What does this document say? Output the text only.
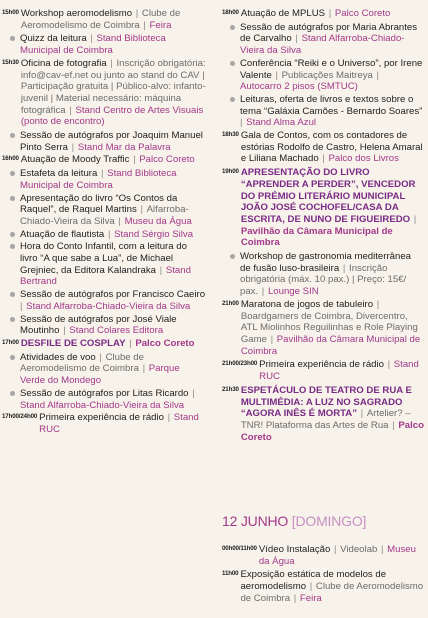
15h00 Workshop aeromodelismo | Clube de Aeromodelismo de Coimbra | Feira
Quizz da leitura | Stand Biblioteca Municipal de Coimbra
15h30 Oficina de fotografia | Inscrição obrigatória: info@cav-ef.net ou junto ao stand do CAV | Participação gratuita | Público-alvo: infanto-juvenil | Material necessário: máquina fotográfica | Stand Centro de Artes Visuais (ponto de encontro)
Sessão de autógrafos por Joaquim Manuel Pinto Serra | Stand Mar da Palavra
16h00 Atuação de Moody Traffic | Palco Coreto
Estafeta da leitura | Stand Biblioteca Municipal de Coimbra
Apresentação do livro “Os Contos da Raquel”, de Raquel Martins | Alfarroba-Chiado-Vieira da Silva | Museu da Água
Atuação de flautista | Stand Sérgio Silva
Hora do Conto Infantil, com a leitura do livro “A que sabe a Lua”, de Michael Grejniec, da Editora Kalandraka | Stand Bertrand
Sessão de autógrafos por Francisco Caeiro | Stand Alfarroba-Chiado-Vieira da Silva
Sessão de autógrafos por José Viale Moutinho | Stand Colares Editora
17h00 DESFILE DE COSPLAY | Palco Coreto
Atividades de voo | Clube de Aeromodelismo de Coimbra | Parque Verde do Mondego
Sessão de autógrafos por Litas Ricardo | Stand Alfarroba-Chiado-Vieira da Silva
17h00/24h00 Primeira experiência de rádio | Stand RUC
18h00 Atuação de MPLUS | Palco Coreto
Sessão de autógrafos por Maria Abrantes de Carvalho | Stand Alfarroba-Chiado-Vieira da Silva
Conferência “Reiki e o Universo”, por Irene Valente | Publicações Maitreya | Autocarro 2 pisos (SMTUC)
Leituras, oferta de livros e textos sobre o tema “Galáxia Camões - Bernardo Soares” | Stand Alma Azul
18h30 Gala de Contos, com os contadores de estórias Rodolfo de Castro, Helena Amaral e Liliana Machado | Palco dos Livros
19h00 APRESENTAÇÃO DO LIVRO “APRENDER A PERDER”, VENCEDOR DO PRÉMIO LITERÁRIO MUNICIPAL JOÃO JOSÉ COCHOFEL/CASA DA ESCRITA, DE NUNO DE FIGUEIREDO | Pavilhão da Câmara Municipal de Coimbra
Workshop de gastronomia mediterrânea de fusão luso-brasileira | Inscrição obrigatória (máx. 10 pax.) | Preço: 15€/ pax. | Lounge SIN
21h00 Maratona de jogos de tabuleiro | Boardgamers de Coimbra, Divercentro, ATL Miolinhos Reguilinhas e Role Playing Game | Pavilhão da Câmara Municipal de Coimbra
21h00/23h00 Primeira experiência de rádio | Stand RUC
21h30 ESPETÁCULO DE TEATRO DE RUA E MULTIMÉDIA: A LUZ NO SAGRADO “AGORA INÊS É MORTA” | Artelier? – TNR! Plataforma das Artes de Rua | Palco Coreto
12 JUNHO [DOMINGO]
00h00/11h00 Vídeo Instalação | Videolab | Museu da Água
11h00 Exposição estática de modelos de aeromodelismo | Clube de Aeromodelismo de Coimbra | Feira
